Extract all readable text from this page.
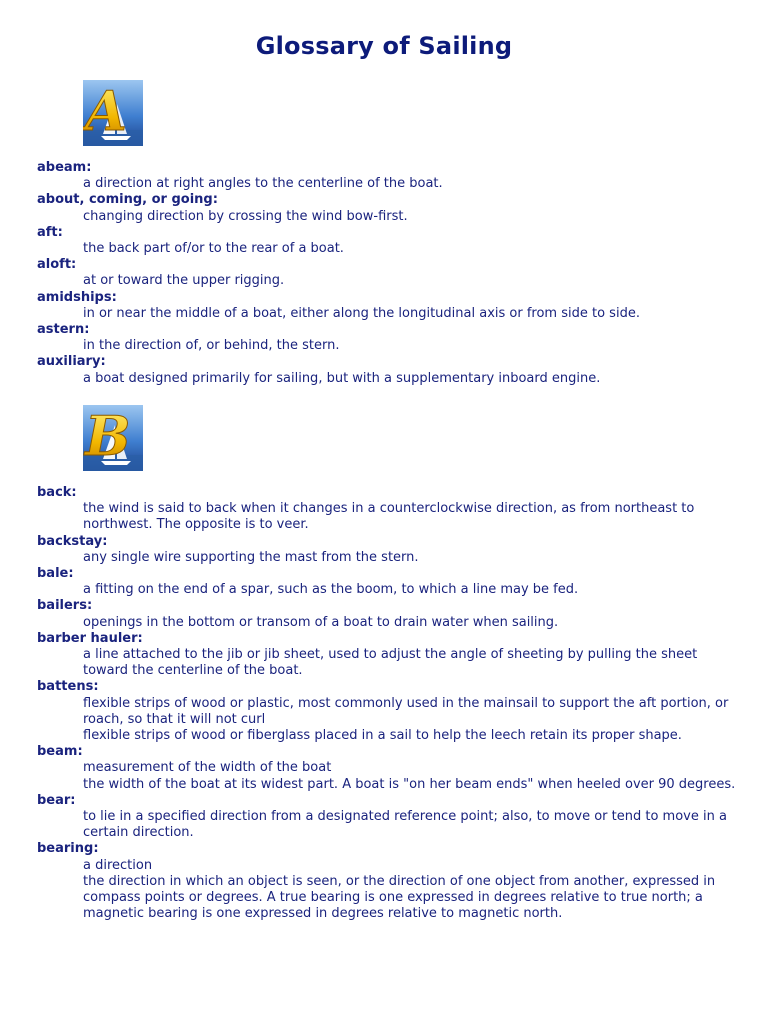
Glossary of Sailing
A
abeam:
a direction at right angles to the centerline of the boat.
about, coming, or going:
changing direction by crossing the wind bow-first.
aft:
the back part of/or to the rear of a boat.
aloft:
at or toward the upper rigging.
amidships:
in or near the middle of a boat, either along the longitudinal axis or from side to side.
astern:
in the direction of, or behind, the stern.
auxiliary:
a boat designed primarily for sailing, but with a supplementary inboard engine.
B
back:
the wind is said to back when it changes in a counterclockwise direction, as from northeast to northwest. The opposite is to veer.
backstay:
any single wire supporting the mast from the stern.
bale:
a fitting on the end of a spar, such as the boom, to which a line may be fed.
bailers:
openings in the bottom or transom of a boat to drain water when sailing.
barber hauler:
a line attached to the jib or jib sheet, used to adjust the angle of sheeting by pulling the sheet toward the centerline of the boat.
battens:
flexible strips of wood or plastic, most commonly used in the mainsail to support the aft portion, or roach, so that it will not curl
flexible strips of wood or fiberglass placed in a sail to help the leech retain its proper shape.
beam:
measurement of the width of the boat
the width of the boat at its widest part. A boat is "on her beam ends" when heeled over 90 degrees.
bear:
to lie in a specified direction from a designated reference point; also, to move or tend to move in a certain direction.
bearing:
a direction
the direction in which an object is seen, or the direction of one object from another, expressed in compass points or degrees. A true bearing is one expressed in degrees relative to true north; a magnetic bearing is one expressed in degrees relative to magnetic north.
